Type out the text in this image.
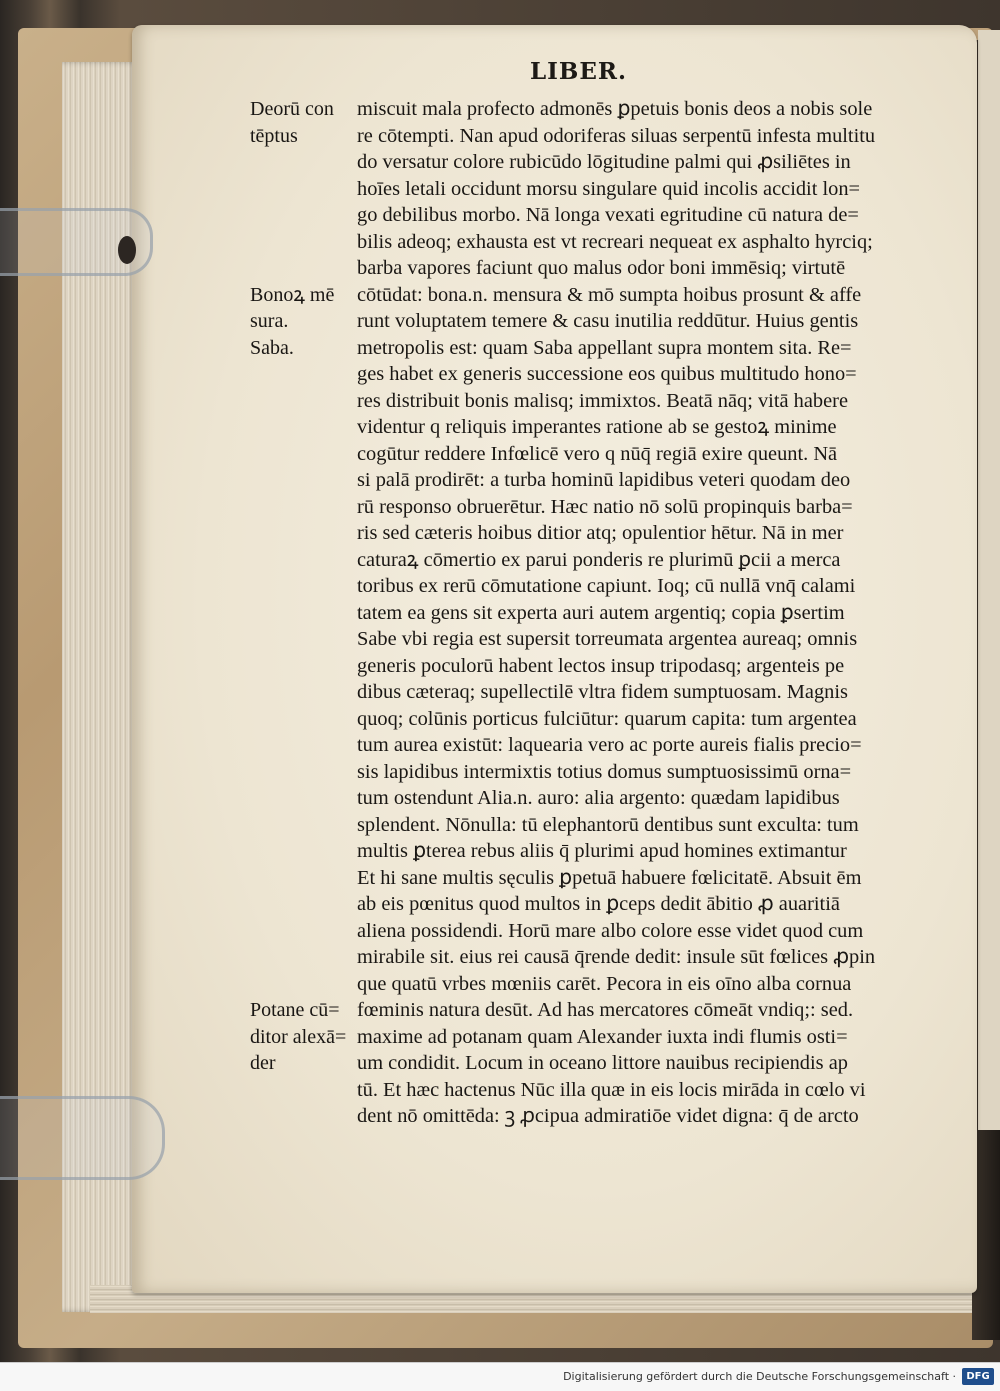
LIBER.
Deorū con tēptus
Bonoꝝ mē sura.
Saba.
Potane cū= ditor alexā= der
miscuit mala profecto admonēs ꝑpetuis bonis deos a nobis sole
re cōtempti. Nan apud odoriferas siluas serpentū infesta multitu
do versatur colore rubicūdo lōgitudine palmi qui ꝓsiliētes in
hoīes letali occidunt morsu singulare quid incolis accidit lon=
go debilibus morbo. Nā longa vexati egritudine cū natura de=
bilis adeoq; exhausta est vt recreari nequeat ex asphalto hyrciq;
barba vapores faciunt quo malus odor boni immēsiq; virtutē
cōtūdat: bona.n. mensura & mō sumpta hoibus prosunt & affe
runt voluptatem temere & casu inutilia reddūtur. Huius gentis
metropolis est: quam Saba appellant supra montem sita. Re=
ges habet ex generis successione eos quibus multitudo hono=
res distribuit bonis malisq; immixtos. Beatā nāq; vitā habere
videntur q reliquis imperantes ratione ab se gestoꝝ minime
cogūtur reddere Infœlicē vero q nūq̄ regiā exire queunt. Nā
si palā prodirēt: a turba hominū lapidibus veteri quodam deo
rū responso obruerētur. Hæc natio nō solū propinquis barba=
ris sed cæteris hoibus ditior atq; opulentior hētur. Nā in mer
caturaꝝ cōmertio ex parui ponderis re plurimū ꝑcii a merca
toribus ex rerū cōmutatione capiunt. Ioq; cū nullā vnq̄ calami
tatem ea gens sit experta auri autem argentiq; copia ꝑsertim
Sabe vbi regia est supersit torreumata argentea aureaq; omnis
generis poculorū habent lectos insup tripodasq; argenteis pe
dibus cæteraq; supellectilē vltra fidem sumptuosam. Magnis
quoq; colūnis porticus fulciūtur: quarum capita: tum argentea
tum aurea existūt: laquearia vero ac porte aureis fialis precio=
sis lapidibus intermixtis totius domus sumptuosissimū orna=
tum ostendunt Alia.n. auro: alia argento: quædam lapidibus
splendent. Nōnulla: tū elephantorū dentibus sunt exculta: tum
multis ꝑterea rebus aliis q̄ plurimi apud homines extimantur
Et hi sane multis sęculis ꝑpetuā habuere fœlicitatē. Absuit ēm
ab eis pœnitus quod multos in ꝑceps dedit ābitio ꝓ auaritiā
aliena possidendi. Horū mare albo colore esse videt quod cum
mirabile sit. eius rei causā q̄rende dedit: insule sūt fœlices ꝓpin
que quatū vrbes mœniis carēt. Pecora in eis oīno alba cornua
fœminis natura desūt. Ad has mercatores cōmeāt vndiq;: sed.
maxime ad potanam quam Alexander iuxta indi flumis osti=
um condidit. Locum in oceano littore nauibus recipiendis ap
tū. Et hæc hactenus Nūc illa quæ in eis locis mirāda in cœlo vi
dent nō omittēda: ꝫ ꝓcipua admiratiōe videt digna: q̄ de arcto
Digitalisierung gefördert durch die Deutsche Forschungsgemeinschaft ·	DFG
